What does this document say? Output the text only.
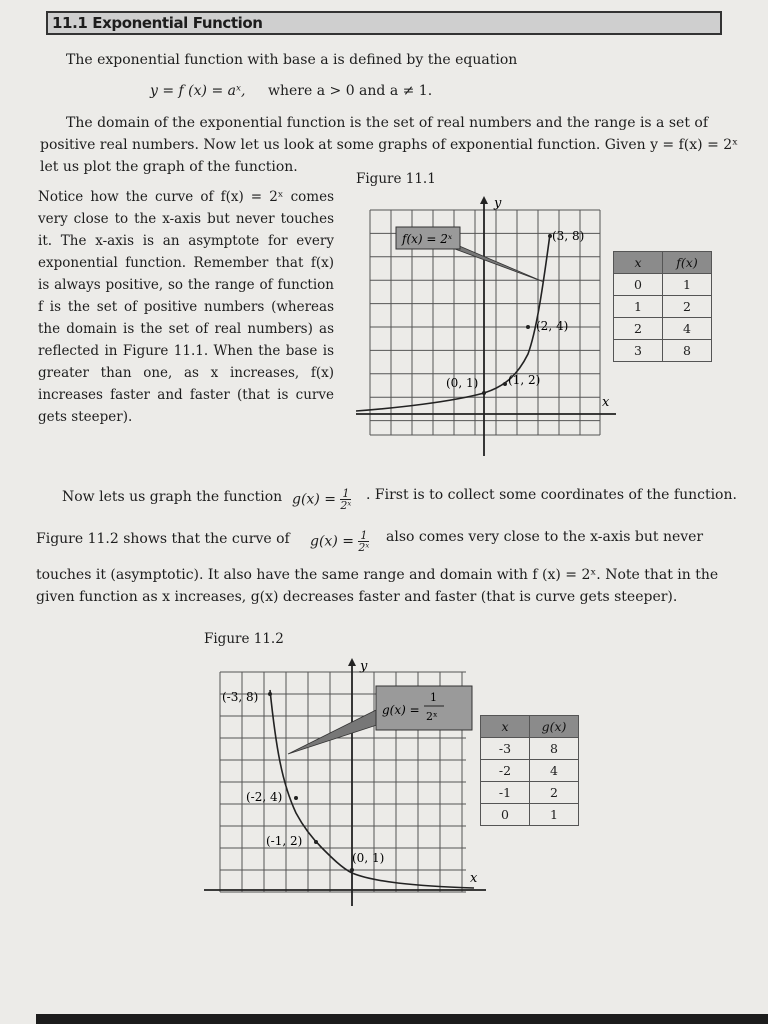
11.1 Exponential Function
The exponential function with base a is defined by the equation
y = f (x) = aˣ, where a > 0 and a ≠ 1.
The domain of the exponential function is the set of real numbers and the range is a set of
positive real numbers. Now let us look at some graphs of exponential function. Given y = f(x) = 2ˣ
let us plot the graph of the function.
Figure 11.1
Notice how the curve of f(x) = 2ˣ comes very close to the x-axis but never touches it. The x-axis is an asymptote for every exponential function. Remember that f(x) is always positive, so the range of function f is the set of positive numbers (whereas the domain is the set of real numbers) as reflected in Figure 11.1. When the base is greater than one, as x increases, f(x) increases faster and faster (that is curve gets steeper).
y
x
f(x) = 2ˣ
(0, 1) (1, 2)
(2, 4)
(3, 8)
x	f(x)
0	1
1	2
2	4
3	8
Now lets us graph the function $g(x) = \frac{1}{\text{2ˣ}}$ . First is to collect some coordinates of the function.
Figure 11.2 shows that the curve of $g(x) = \frac{1}{\text{2ˣ}}$ also comes very close to the x-axis but never
touches it (asymptotic). It also have the same range and domain with f (x) = 2ˣ. Note that in the
given function as x increases, g(x) decreases faster and faster (that is curve gets steeper).
Figure 11.2
y
x
g(x) =
1
2ˣ
(-3, 8)
(-2, 4)
(-1, 2)
(0, 1)
x	g(x)
-3	8
-2	4
-1	2
0	1
